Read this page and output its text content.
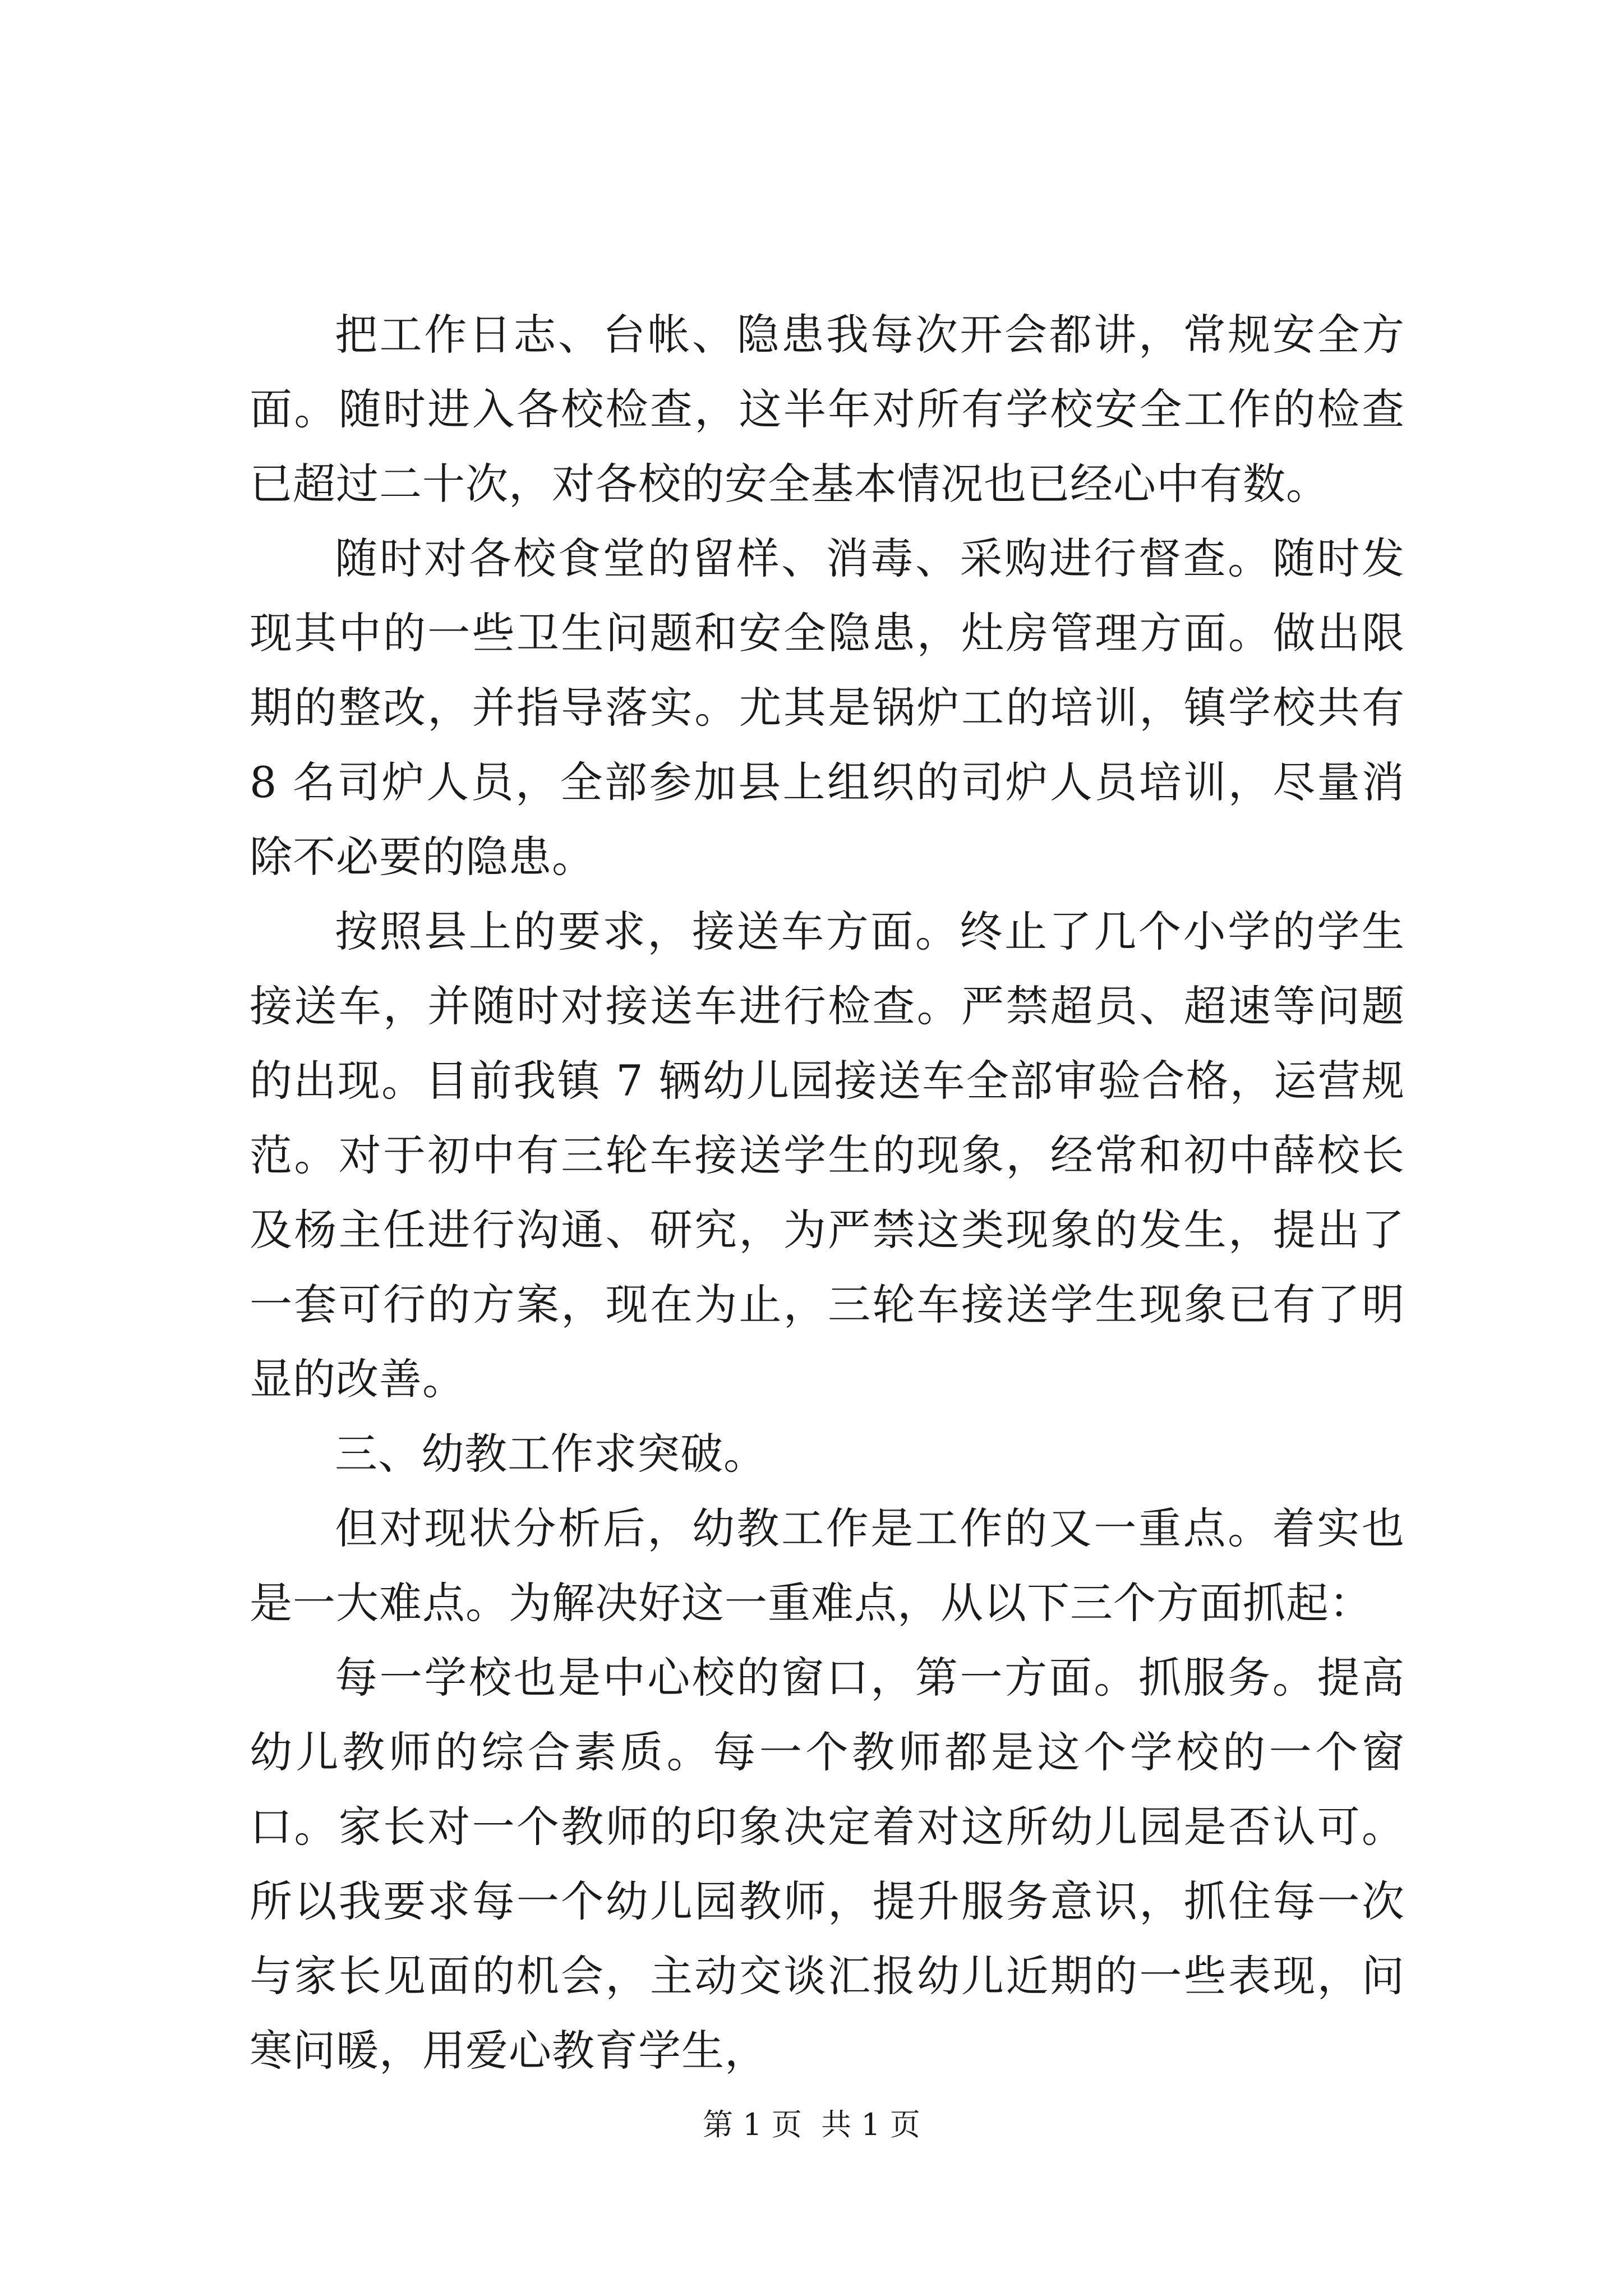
把工作日志、台帐、隐患我每次开会都讲，常规安全方面。随时进入各校检查，这半年对所有学校安全工作的检查已超过二十次，对各校的安全基本情况也已经心中有数。

随时对各校食堂的留样、消毒、采购进行督查。随时发现其中的一些卫生问题和安全隐患，灶房管理方面。做出限期的整改，并指导落实。尤其是锅炉工的培训，镇学校共有 8 名司炉人员，全部参加县上组织的司炉人员培训，尽量消除不必要的隐患。

按照县上的要求，接送车方面。终止了几个小学的学生接送车，并随时对接送车进行检查。严禁超员、超速等问题的出现。目前我镇 7 辆幼儿园接送车全部审验合格，运营规范。对于初中有三轮车接送学生的现象，经常和初中薛校长及杨主任进行沟通、研究，为严禁这类现象的发生，提出了一套可行的方案，现在为止，三轮车接送学生现象已有了明显的改善。

三、幼教工作求突破。

但对现状分析后，幼教工作是工作的又一重点。着实也是一大难点。为解决好这一重难点，从以下三个方面抓起：

每一学校也是中心校的窗口，第一方面。抓服务。提高幼儿教师的综合素质。每一个教师都是这个学校的一个窗口。家长对一个教师的印象决定着对这所幼儿园是否认可。所以我要求每一个幼儿园教师，提升服务意识，抓住每一次与家长见面的机会，主动交谈汇报幼儿近期的一些表现，问寒问暖，用爱心教育学生，

第 1 页  共 1 页
